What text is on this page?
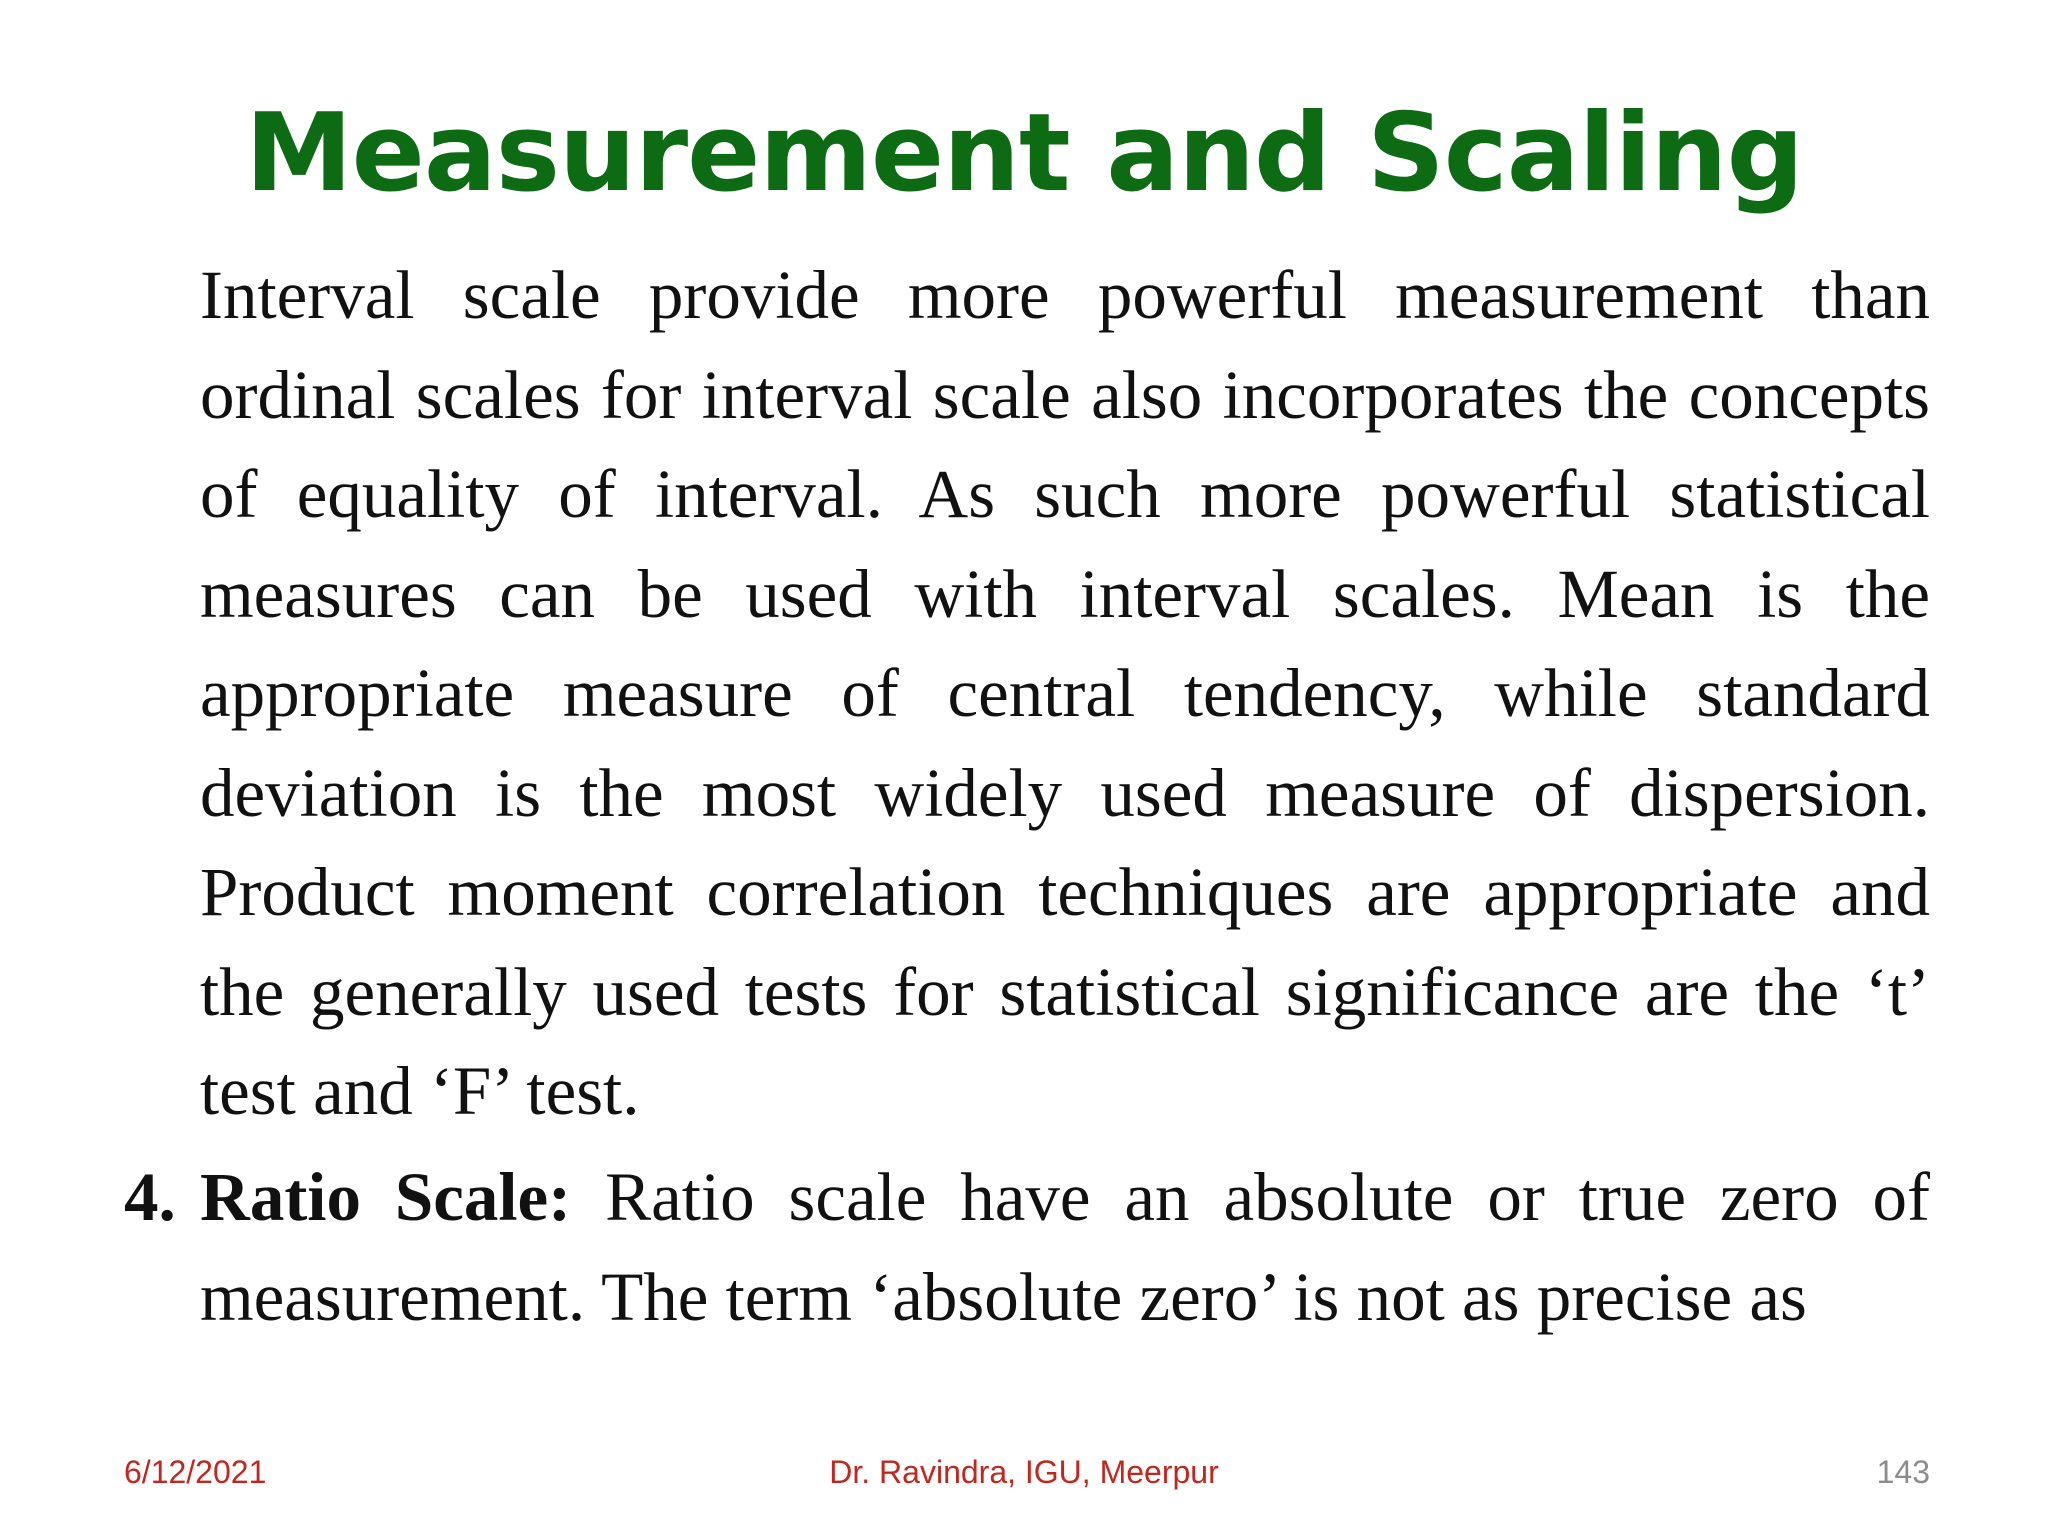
Measurement and Scaling
Interval scale provide more powerful measurement than ordinal scales for interval scale also incorporates the concepts of equality of interval. As such more powerful statistical measures can be used with interval scales. Mean is the appropriate measure of central tendency, while standard deviation is the most widely used measure of dispersion. Product moment correlation techniques are appropriate and the generally used tests for statistical significance are the ‘t’ test and ‘F’ test.
4. Ratio Scale: Ratio scale have an absolute or true zero of measurement. The term ‘absolute zero’ is not as precise as
Dr. Ravindra, IGU, Meerpur
6/12/2021	143
